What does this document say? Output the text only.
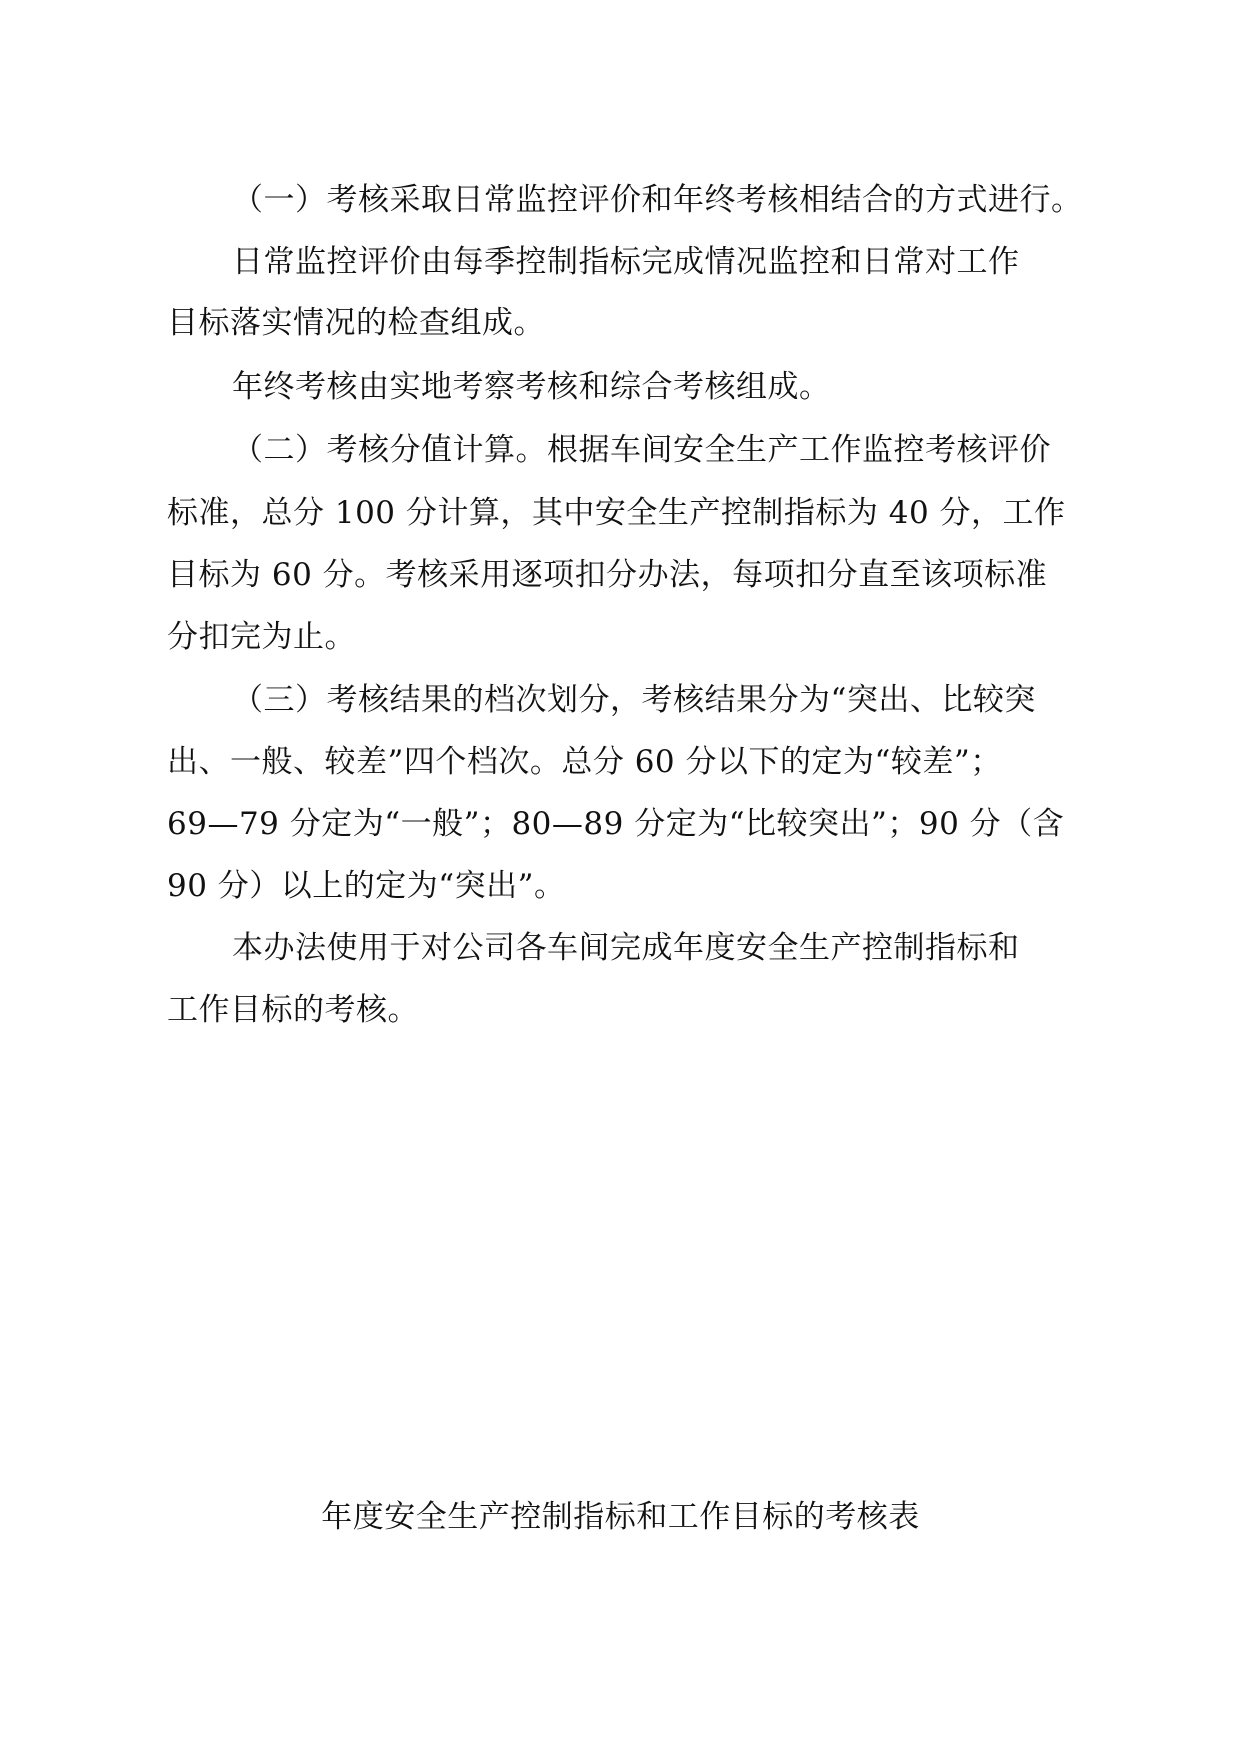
（一）考核采取日常监控评价和年终考核相结合的方式进行。
日常监控评价由每季控制指标完成情况监控和日常对工作
目标落实情况的检查组成。
年终考核由实地考察考核和综合考核组成。
（二）考核分值计算。根据车间安全生产工作监控考核评价
标准，总分 100 分计算，其中安全生产控制指标为 40 分，工作
目标为 60 分。考核采用逐项扣分办法，每项扣分直至该项标准
分扣完为止。
（三）考核结果的档次划分，考核结果分为“突出、比较突
出、一般、较差”四个档次。总分 60 分以下的定为“较差”；
69—79 分定为“一般”；80—89 分定为“比较突出”；90 分（含
90 分）以上的定为“突出”。
本办法使用于对公司各车间完成年度安全生产控制指标和
工作目标的考核。
年度安全生产控制指标和工作目标的考核表
